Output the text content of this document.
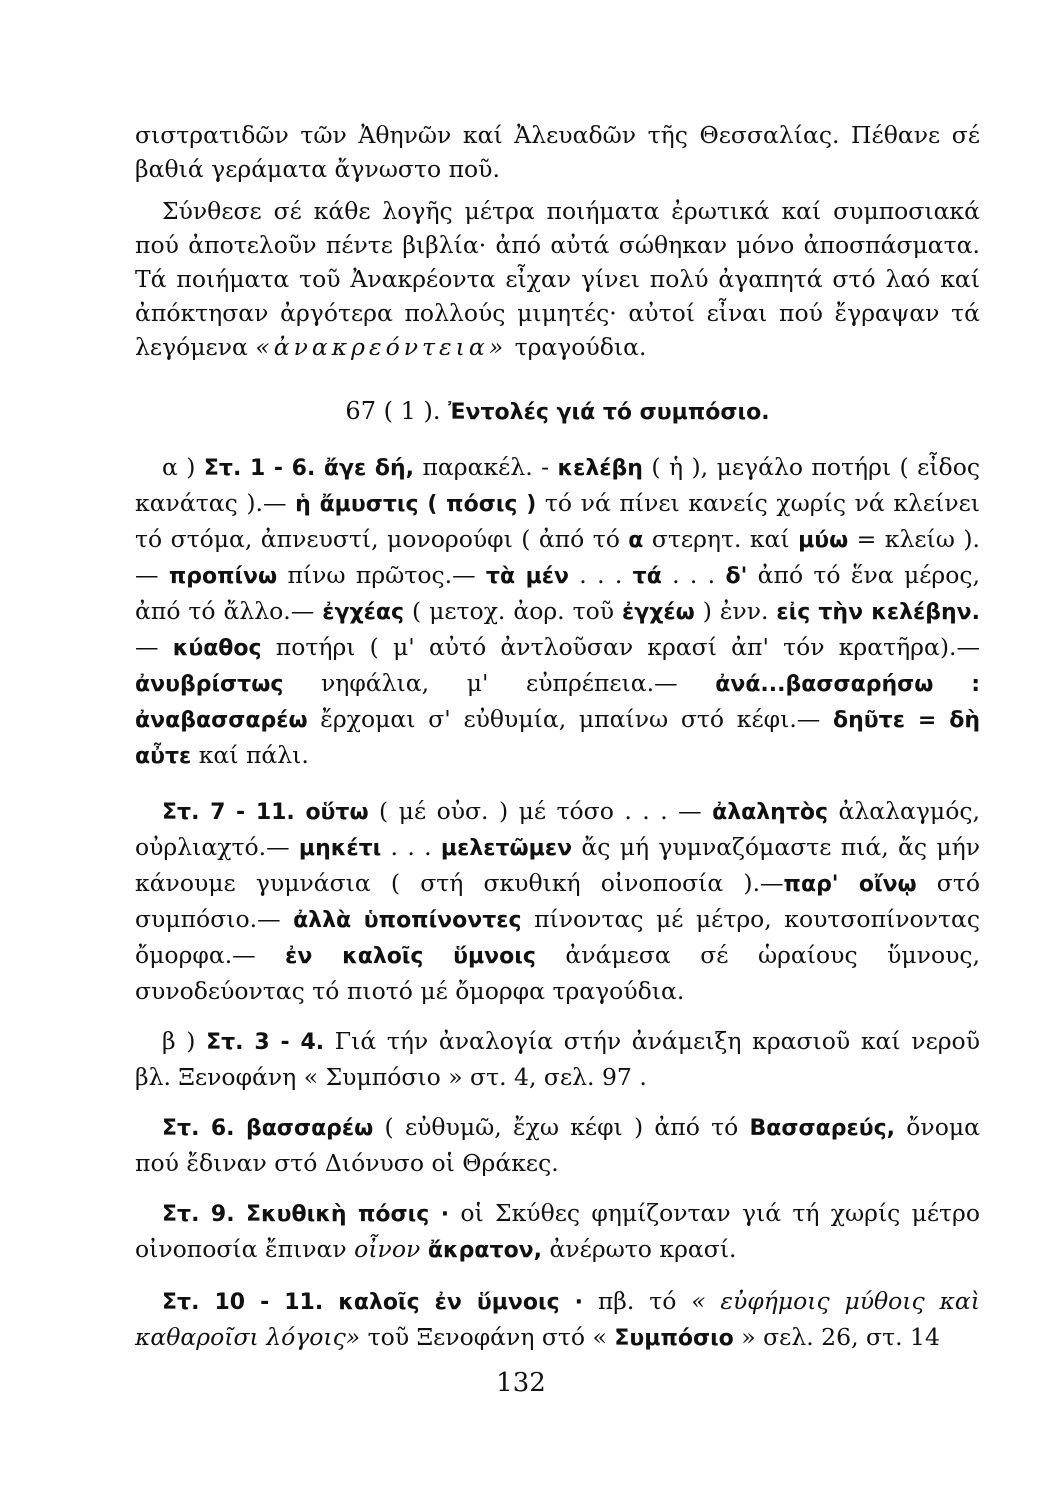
σιστρατιδῶν τῶν Ἀθηνῶν καί Ἀλευαδῶν τῆς Θεσσαλίας. Πέθανε σέ βαθιά γεράματα ἄγνωστο ποῦ.

Σύνθεσε σέ κάθε λογῆς μέτρα ποιήματα ἐρωτικά καί συμποσιακά πού ἀποτελοῦν πέντε βιβλία· ἀπό αὐτά σώθηκαν μόνο ἀποσπάσματα. Τά ποιήματα τοῦ Ἀνακρέοντα εἶχαν γίνει πολύ ἀγαπητά στό λαό καί ἀπόκτησαν ἀργότερα πολλούς μιμητές· αὐτοί εἶναι πού ἔγραψαν τά λεγόμενα «ἀνακρεόντεια» τραγούδια.

67 ( 1 ). Ἐντολές γιά τό συμπόσιο.

α ) Στ. 1 - 6. ἄγε δή, παρακέλ. - κελέβη ( ἡ ), μεγάλο ποτήρι ( εἶδος κανάτας ).— ἡ ἄμυστις ( πόσις ) τό νά πίνει κανείς χωρίς νά κλείνει τό στόμα, ἀπνευστί, μονορούφι ( ἀπό τό α στερητ. καί μύω = κλείω ).— προπίνω πίνω πρῶτος.— τὰ μέν . . . τά . . . δ' ἀπό τό ἕνα μέρος, ἀπό τό ἄλλο.— ἐγχέας ( μετοχ. ἀορ. τοῦ ἐγχέω ) ἐνν. εἰς τὴν κελέβην.— κύαθος ποτήρι ( μ' αὐτό ἀντλοῦσαν κρασί ἀπ' τόν κρατῆρα).— ἀνυβρίστως νηφάλια, μ' εὐπρέπεια.— ἀνά...βασσαρήσω : ἀναβασσαρέω ἔρχομαι σ' εὐθυμία, μπαίνω στό κέφι.— δηῦτε = δὴ αὖτε καί πάλι.

Στ. 7 - 11. οὕτω ( μέ οὐσ. ) μέ τόσο . . . — ἀλαλητὸς ἀλαλαγμός, οὐρλιαχτό.— μηκέτι . . . μελετῶμεν ἄς μή γυμναζόμαστε πιά, ἄς μήν κάνουμε γυμνάσια ( στή σκυθική οἰνοποσία ).—παρ' οἴνῳ στό συμπόσιο.— ἀλλὰ ὑποπίνοντες πίνοντας μέ μέτρο, κουτσοπίνοντας ὄμορφα.— ἐν καλοῖς ὕμνοις ἀνάμεσα σέ ὡραίους ὕμνους, συνοδεύοντας τό πιοτό μέ ὄμορφα τραγούδια.

β ) Στ. 3 - 4. Γιά τήν ἀναλογία στήν ἀνάμειξη κρασιοῦ καί νεροῦ βλ. Ξενοφάνη « Συμπόσιο » στ. 4, σελ. 97 .

Στ. 6. βασσαρέω ( εὐθυμῶ, ἔχω κέφι ) ἀπό τό Βασσαρεύς, ὄνομα πού ἔδιναν στό Διόνυσο οἱ Θράκες.

Στ. 9. Σκυθικὴ πόσις · οἱ Σκύθες φημίζονταν γιά τή χωρίς μέτρο οἰνοποσία ἔπιναν οἶνον ἄκρατον, ἀνέρωτο κρασί.

Στ. 10 - 11. καλοῖς ἐν ὕμνοις · πβ. τό « εὐφήμοις μύθοις καὶ καθαροῖσι λόγοις» τοῦ Ξενοφάνη στό « Συμπόσιο » σελ. 26, στ. 14

132
